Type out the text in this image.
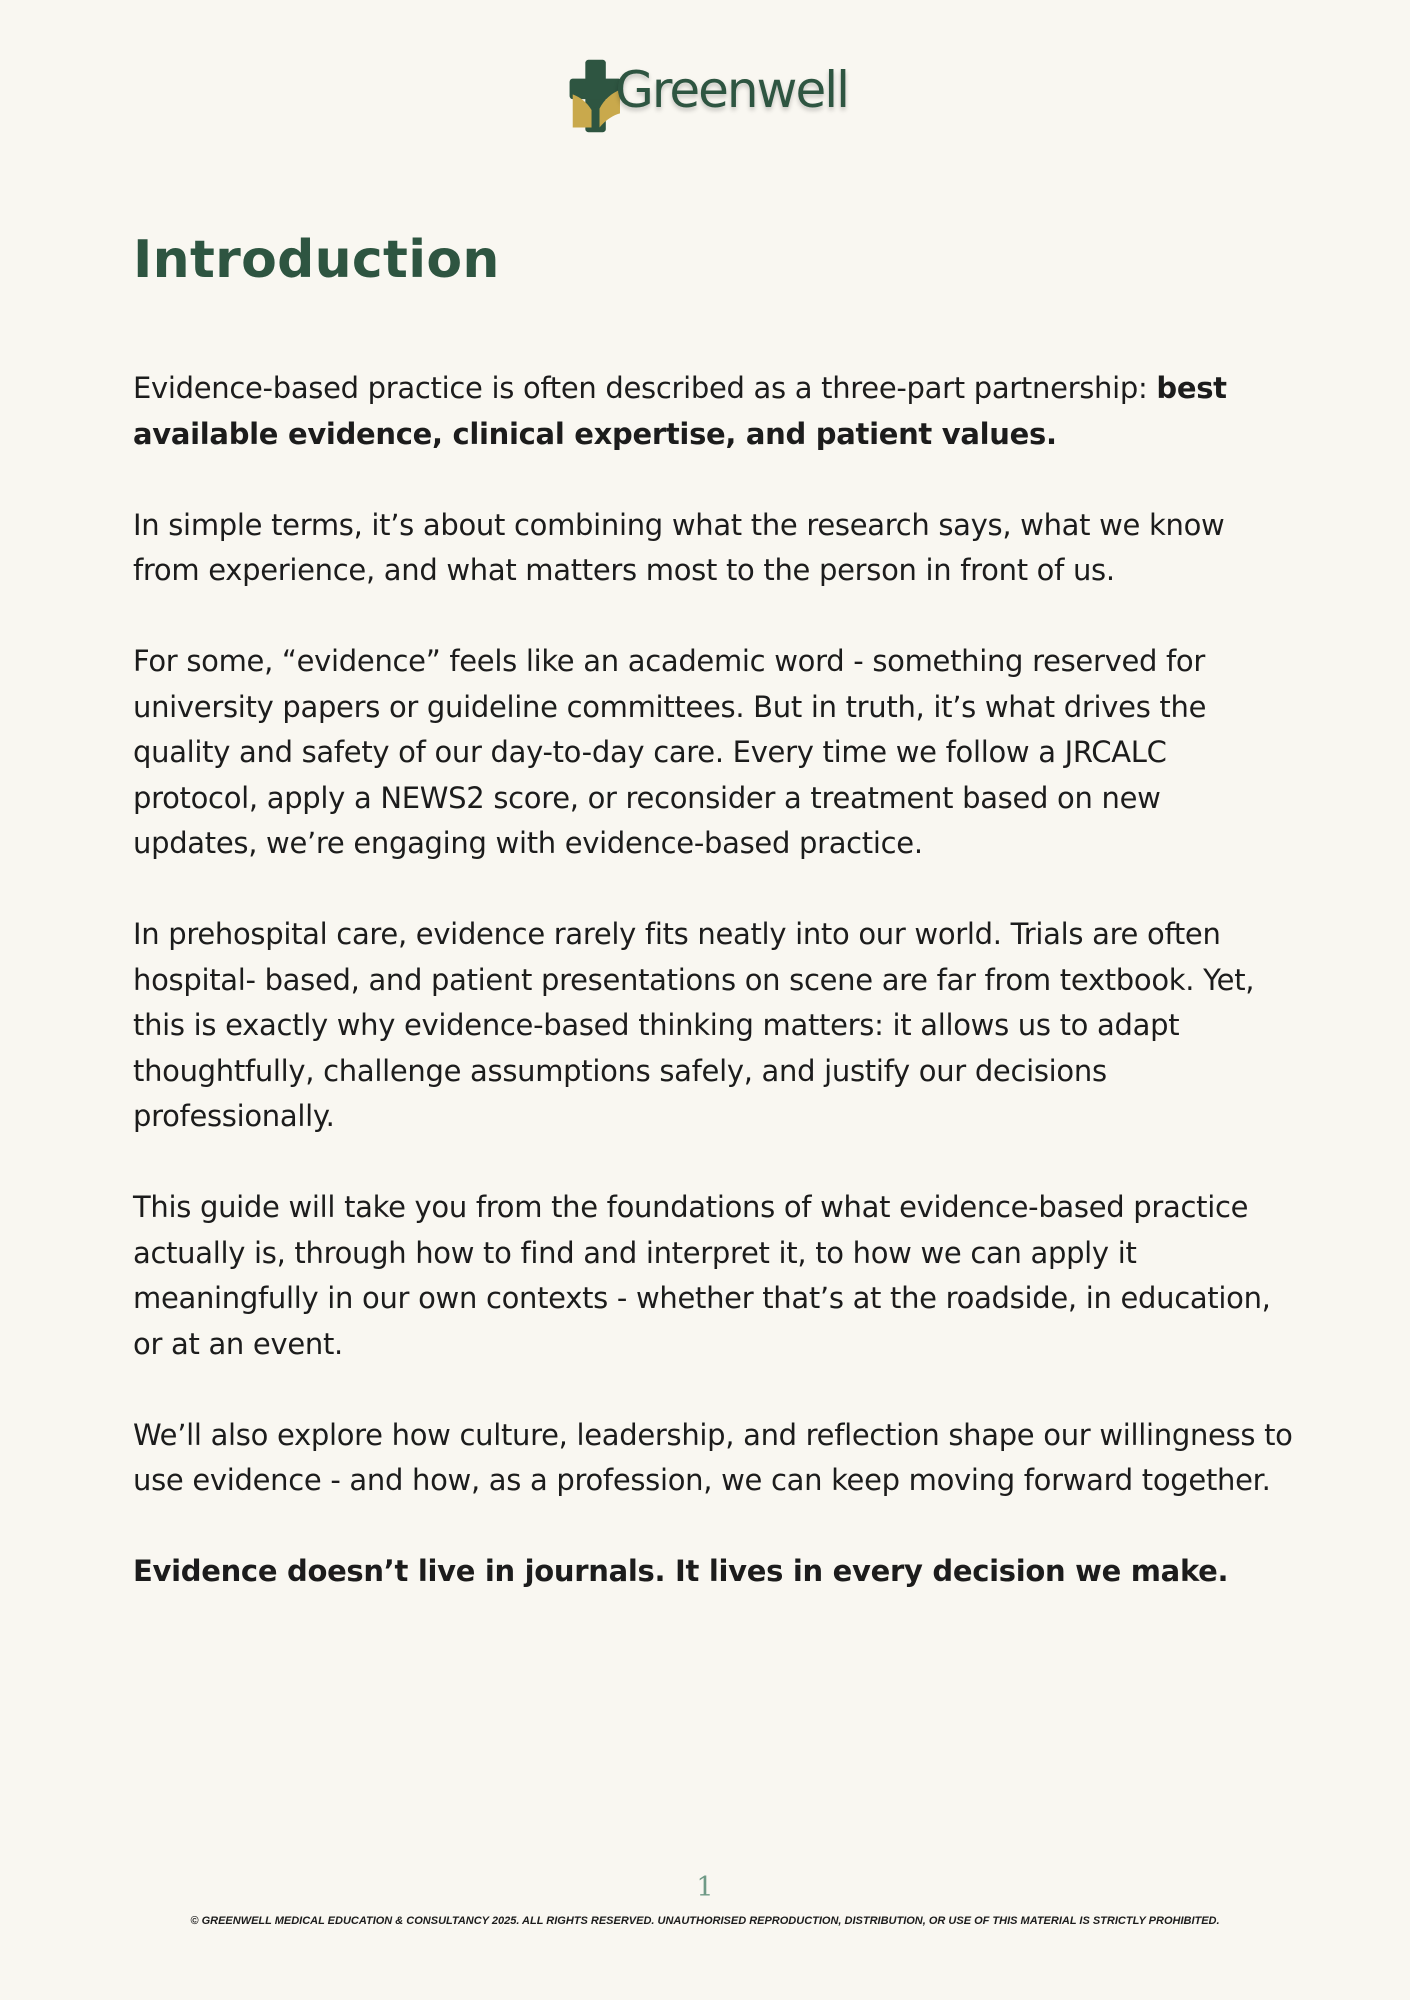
Greenwell
Introduction

Evidence-based practice is often described as a three-part partnership: best available evidence, clinical expertise, and patient values.

In simple terms, it’s about combining what the research says, what we know from experience, and what matters most to the person in front of us.

For some, “evidence” feels like an academic word - something reserved for university papers or guideline committees. But in truth, it’s what drives the quality and safety of our day-to-day care. Every time we follow a JRCALC protocol, apply a NEWS2 score, or reconsider a treatment based on new updates, we’re engaging with evidence-based practice.

In prehospital care, evidence rarely fits neatly into our world. Trials are often hospital- based, and patient presentations on scene are far from textbook. Yet, this is exactly why evidence-based thinking matters: it allows us to adapt thoughtfully, challenge assumptions safely, and justify our decisions professionally.

This guide will take you from the foundations of what evidence-based practice actually is, through how to find and interpret it, to how we can apply it meaningfully in our own contexts - whether that’s at the roadside, in education, or at an event.

We’ll also explore how culture, leadership, and reflection shape our willingness to use evidence - and how, as a profession, we can keep moving forward together.

Evidence doesn’t live in journals. It lives in every decision we make.

1
© GREENWELL MEDICAL EDUCATION & CONSULTANCY 2025. ALL RIGHTS RESERVED. UNAUTHORISED REPRODUCTION, DISTRIBUTION, OR USE OF THIS MATERIAL IS STRICTLY PROHIBITED.
